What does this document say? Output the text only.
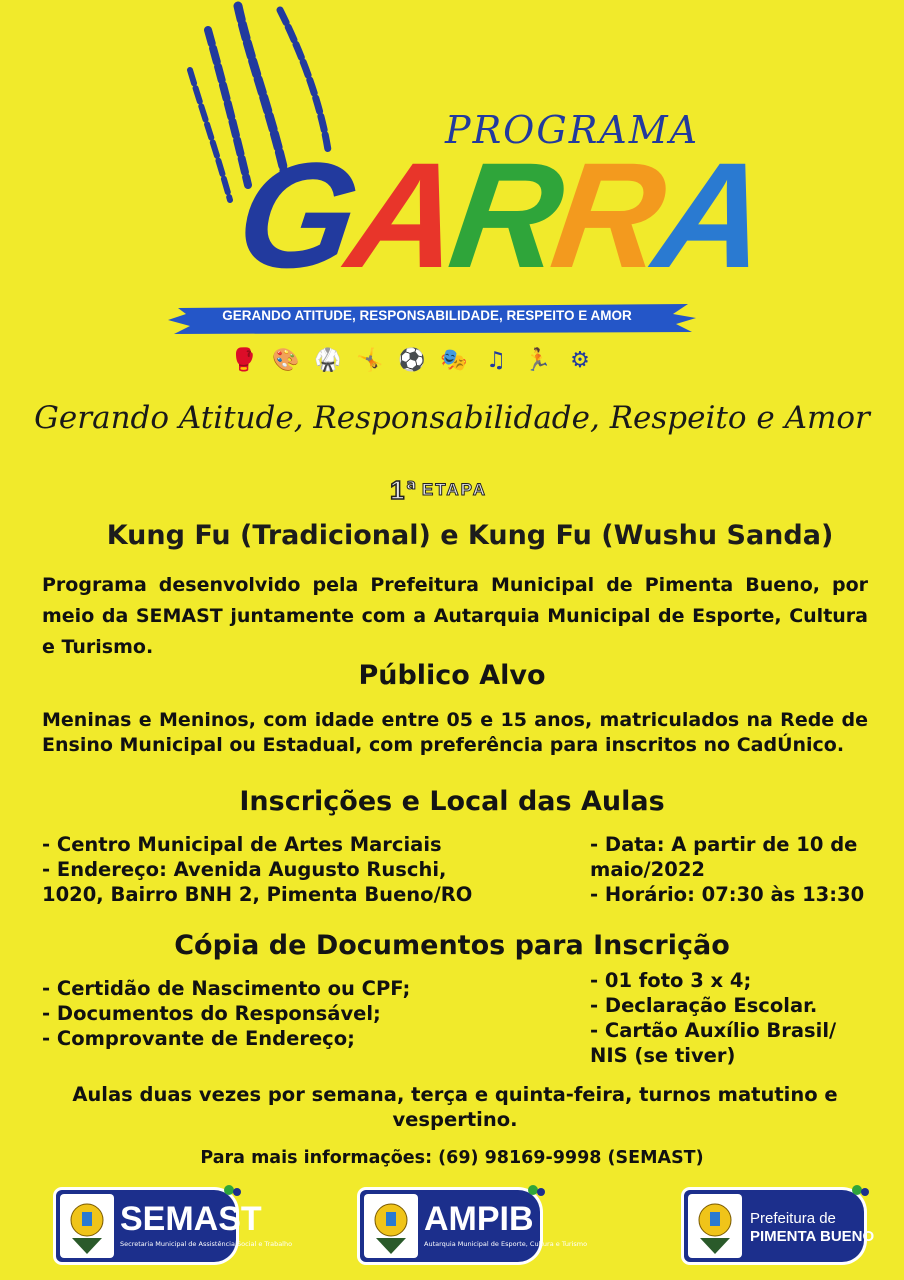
PROGRAMA
G
A
R
R
A
GERANDO ATITUDE, RESPONSABILIDADE, RESPEITO E AMOR
🥊 🎨 🥋 🤸 ⚽ 🎭 ♫ 🏃 ⚙
Gerando Atitude, Responsabilidade, Respeito e Amor
1 a ETAPA
Kung Fu (Tradicional) e Kung Fu (Wushu Sanda)
Programa desenvolvido pela Prefeitura Municipal de Pimenta Bueno, por meio da SEMAST juntamente com a Autarquia Municipal de Esporte, Cultura e Turismo.
Público Alvo
Meninas e Meninos, com idade entre 05 e 15 anos, matriculados na Rede de Ensino Municipal ou Estadual, com preferência para inscritos no CadÚnico.
Inscrições e Local das Aulas
- Centro Municipal de Artes Marciais
- Endereço: Avenida Augusto Ruschi,
1020, Bairro BNH 2, Pimenta Bueno/RO
- Data: A partir de 10 de
maio/2022
- Horário: 07:30 às 13:30
Cópia de Documentos para Inscrição
- Certidão de Nascimento ou CPF;
- Documentos do Responsável;
- Comprovante de Endereço;
- 01 foto 3 x 4;
- Declaração Escolar.
- Cartão Auxílio Brasil/
NIS (se tiver)
Aulas duas vezes por semana, terça e quinta-feira, turnos matutino e vespertino.
Para mais informações: (69) 98169-9998 (SEMAST)
SEMAST
Secretaria Municipal de Assistência Social e Trabalho
AMPIB
Autarquia Municipal de Esporte, Cultura e Turismo
Prefeitura de
PIMENTA BUENO
